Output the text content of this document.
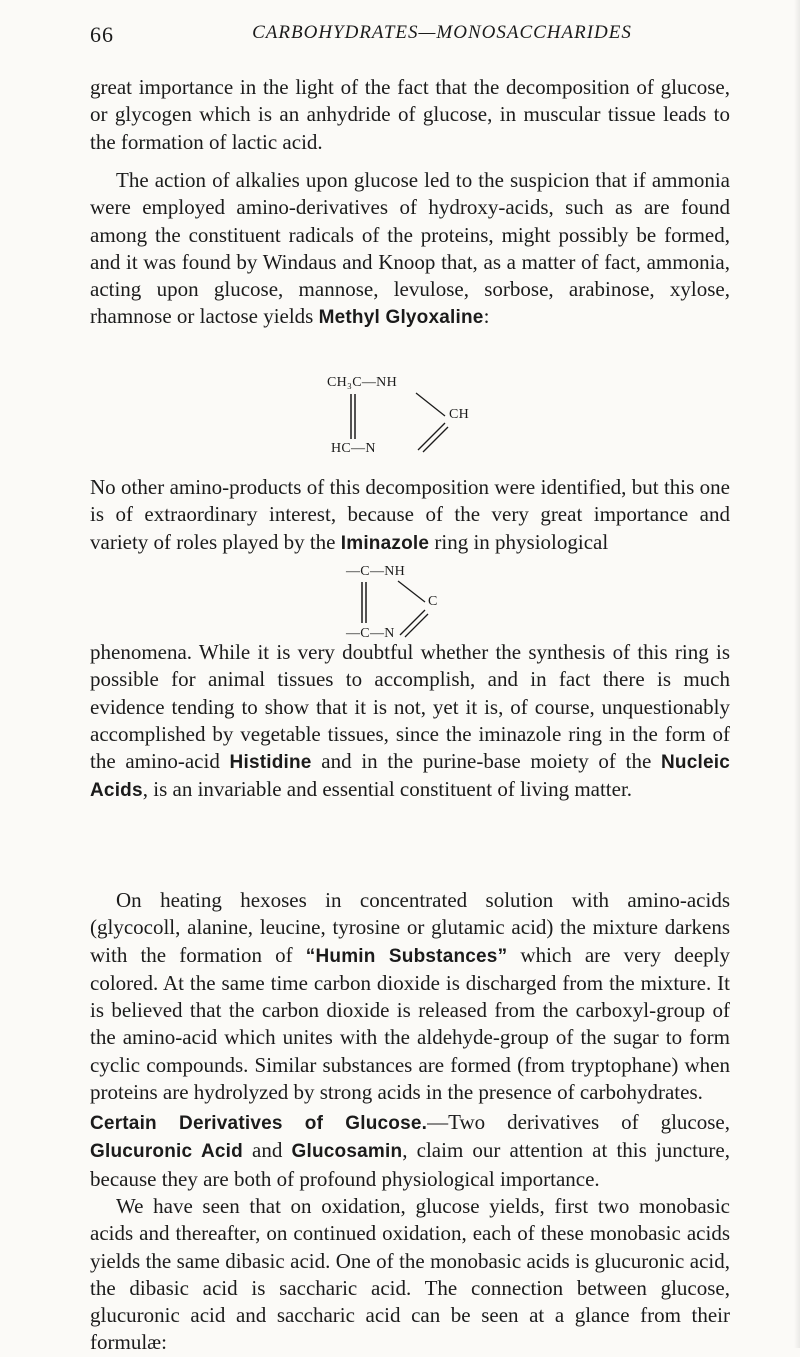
66	CARBOHYDRATES—MONOSACCHARIDES

great importance in the light of the fact that the decomposition of glucose, or glycogen which is an anhydride of glucose, in muscular tissue leads to the formation of lactic acid.

The action of alkalies upon glucose led to the suspicion that if ammonia were employed amino-derivatives of hydroxy-acids, such as are found among the constituent radicals of the proteins, might possibly be formed, and it was found by Windaus and Knoop that, as a matter of fact, ammonia, acting upon glucose, mannose, levulose, sorbose, arabinose, xylose, rhamnose or lactose yields Methyl Glyoxaline:

CH₃C—NH
CH
HC—N

No other amino-products of this decomposition were identified, but this one is of extraordinary interest, because of the very great importance and variety of roles played by the Iminazole ring in physiological

—C—NH
C
—C—N

phenomena. While it is very doubtful whether the synthesis of this ring is possible for animal tissues to accomplish, and in fact there is much evidence tending to show that it is not, yet it is, of course, unquestionably accomplished by vegetable tissues, since the iminazole ring in the form of the amino-acid Histidine and in the purine-base moiety of the Nucleic Acids, is an invariable and essential constituent of living matter.

On heating hexoses in concentrated solution with amino-acids (glycocoll, alanine, leucine, tyrosine or glutamic acid) the mixture darkens with the formation of “Humin Substances” which are very deeply colored. At the same time carbon dioxide is discharged from the mixture. It is believed that the carbon dioxide is released from the carboxyl-group of the amino-acid which unites with the aldehyde-group of the sugar to form cyclic compounds. Similar substances are formed (from tryptophane) when proteins are hydrolyzed by strong acids in the presence of carbohydrates.

Certain Derivatives of Glucose.—Two derivatives of glucose, Glucuronic Acid and Glucosamin, claim our attention at this juncture, because they are both of profound physiological importance.

We have seen that on oxidation, glucose yields, first two monobasic acids and thereafter, on continued oxidation, each of these monobasic acids yields the same dibasic acid. One of the monobasic acids is glucuronic acid, the dibasic acid is saccharic acid. The connection between glucose, glucuronic acid and saccharic acid can be seen at a glance from their formulæ:
